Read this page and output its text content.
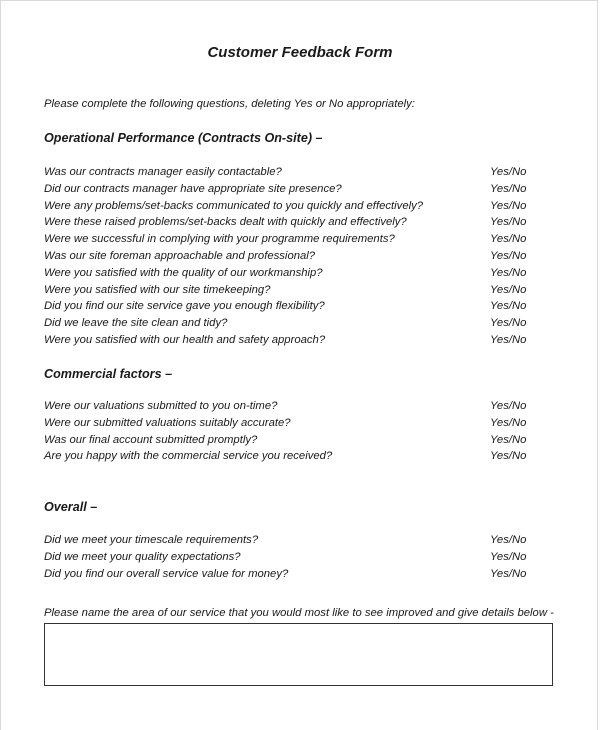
Customer Feedback Form
Please complete the following questions, deleting Yes or No appropriately:
Operational Performance (Contracts On-site) –
Was our contracts manager easily contactable?	Yes/No
Did our contracts manager have appropriate site presence?	Yes/No
Were any problems/set-backs communicated to you quickly and effectively?	Yes/No
Were these raised problems/set-backs dealt with quickly and effectively?	Yes/No
Were we successful in complying with your programme requirements?	Yes/No
Was our site foreman approachable and professional?	Yes/No
Were you satisfied with the quality of our workmanship?	Yes/No
Were you satisfied with our site timekeeping?	Yes/No
Did you find our site service gave you enough flexibility?	Yes/No
Did we leave the site clean and tidy?	Yes/No
Were you satisfied with our health and safety approach?	Yes/No
Commercial factors –
Were our valuations submitted to you on-time?	Yes/No
Were our submitted valuations suitably accurate?	Yes/No
Was our final account submitted promptly?	Yes/No
Are you happy with the commercial service you received?	Yes/No
Overall –
Did we meet your timescale requirements?	Yes/No
Did we meet your quality expectations?	Yes/No
Did you find our overall service value for money?	Yes/No
Please name the area of our service that you would most like to see improved and give details below -
